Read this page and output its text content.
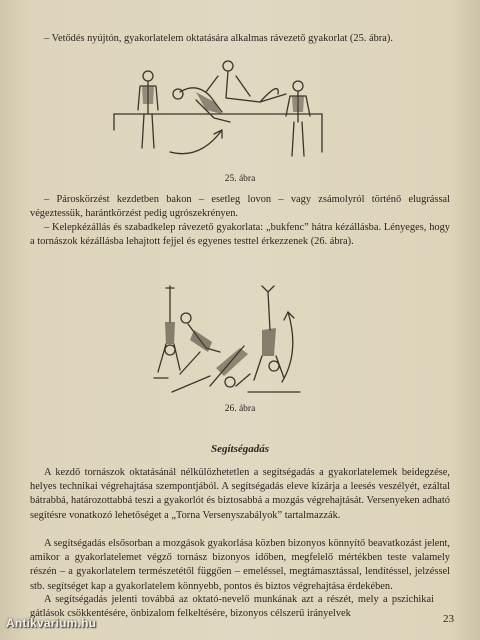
– Vetődés nyújtón, gyakorlatelem oktatására alkalmas rávezető gyakorlat (25. ábra).

25. ábra

– Pároskörzést kezdetben bakon – esetleg lovon – vagy zsámolyról történő elugrással végeztessük, harántkörzést pedig ugrószekrényen.

– Kelepkézállás és szabadkelep rávezető gyakorlata: „bukfenc” hátra kézállásba. Lényeges, hogy a tornászok kézállásba lehajtott fejjel és egyenes testtel érkezzenek (26. ábra).

26. ábra

Segítségadás

A kezdő tornászok oktatásánál nélkülözhetetlen a segítségadás a gyakorlatelemek beidegzése, helyes technikai végrehajtása szempontjából. A segítségadás eleve kizárja a leesés veszélyét, ezáltal bátrabbá, határozottabbá teszi a gyakorlót és biztosabbá a mozgás végrehajtását. Versenyeken adható segítésre vonatkozó lehetőséget a „Torna Versenyszabályok” tartalmazzák.

A segítségadás elsősorban a mozgások gyakorlása közben bizonyos könnyítő beavatkozást jelent, amikor a gyakorlatelemet végző tornász bizonyos időben, megfelelő mértékben teste valamely részén – a gyakorlatelem természetétől függően – emeléssel, megtámasztással, lendítéssel, jelzéssel stb. segítséget kap a gyakorlatelem könnyebb, pontos és biztos végrehajtása érdekében.

A segítségadás jelenti továbbá az oktató-nevelő munkának azt a részét, mely a pszichikai gátlások csökkentésére, önbizalom felkeltésére, bizonyos célszerű irányelvek	23
Antikvarium.hu
